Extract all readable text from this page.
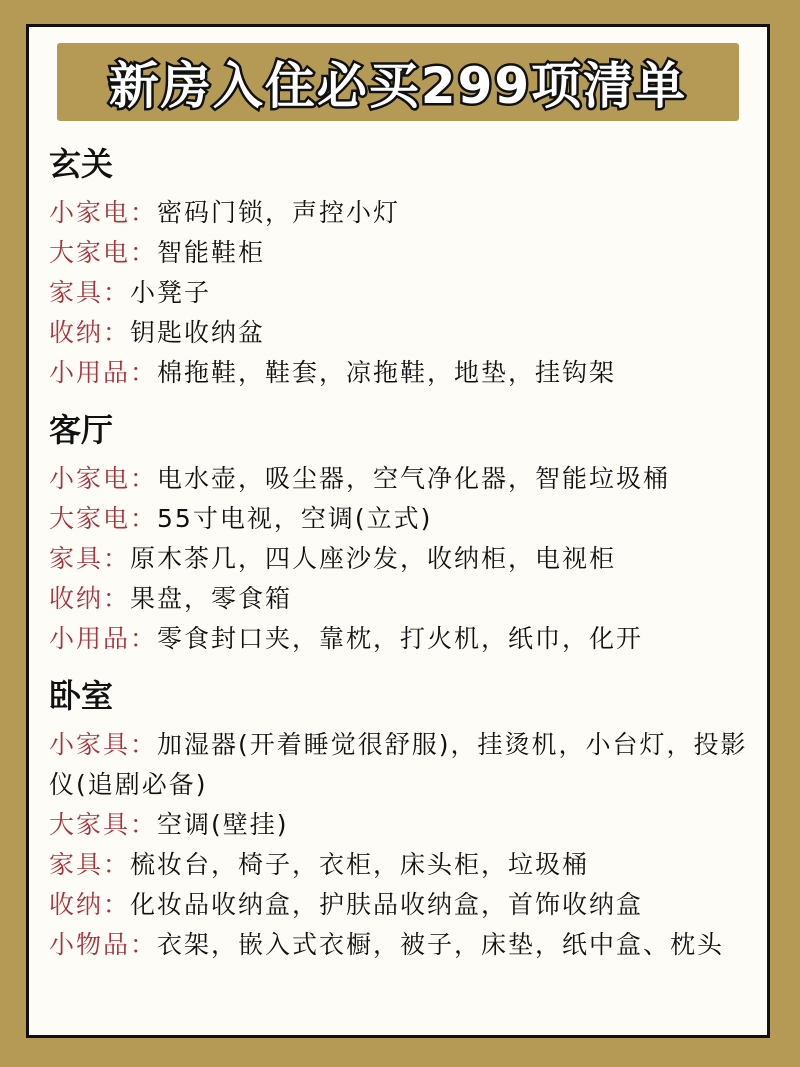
新房入住必买299项清单
玄关
小家电：密码门锁，声控小灯
大家电：智能鞋柜
家具：小凳子
收纳：钥匙收纳盆
小用品：棉拖鞋，鞋套，凉拖鞋，地垫，挂钩架
客厅
小家电：电水壶，吸尘器，空气净化器，智能垃圾桶
大家电：55寸电视，空调(立式)
家具：原木茶几，四人座沙发，收纳柜，电视柜
收纳：果盘，零食箱
小用品：零食封口夹，靠枕，打火机，纸巾，化开
卧室
小家具：加湿器(开着睡觉很舒服)，挂烫机，小台灯，投影仪(追剧必备)
大家具：空调(壁挂)
家具：梳妆台，椅子，衣柜，床头柜，垃圾桶
收纳：化妆品收纳盒，护肤品收纳盒，首饰收纳盒
小物品：衣架，嵌入式衣橱，被子，床垫，纸中盒、枕头
